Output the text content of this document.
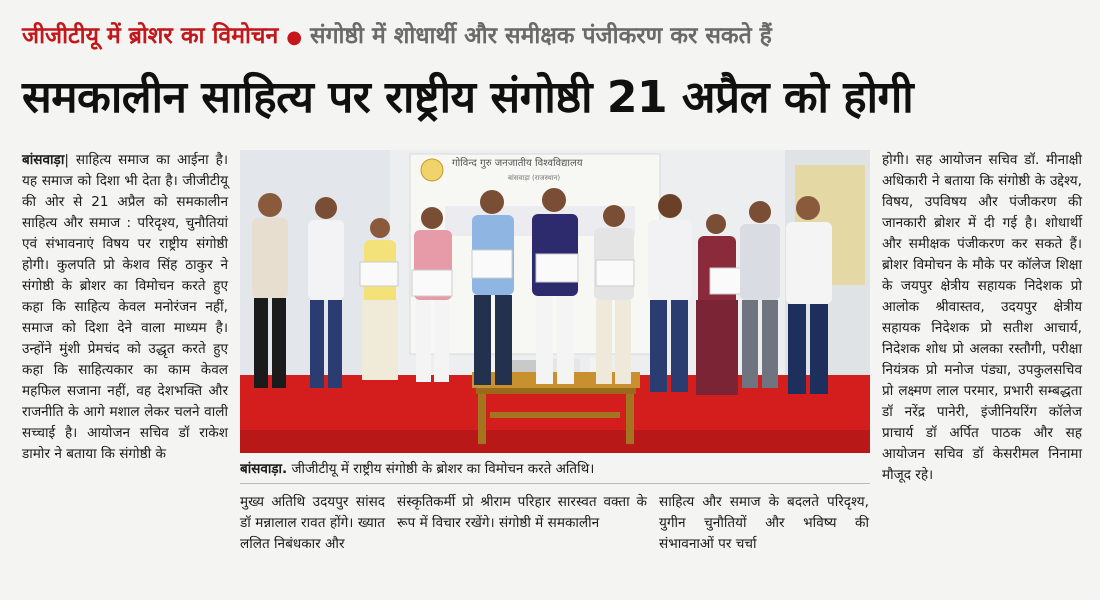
जीजीटीयू में ब्रोशर का विमोचन ● संगोष्ठी में शोधार्थी और समीक्षक पंजीकरण कर सकते हैं
समकालीन साहित्य पर राष्ट्रीय संगोष्ठी 21 अप्रैल को होगी
बांसवाड़ा| साहित्य समाज का आईना है। यह समाज को दिशा भी देता है। जीजीटीयू की ओर से 21 अप्रैल को समकालीन साहित्य और समाज : परिदृश्य, चुनौतियां एवं संभावनाएं विषय पर राष्ट्रीय संगोष्ठी होगी। कुलपति प्रो केशव सिंह ठाकुर ने संगोष्ठी के ब्रोशर का विमोचन करते हुए कहा कि साहित्य केवल मनोरंजन नहीं, समाज को दिशा देने वाला माध्यम है। उन्होंने मुंशी प्रेमचंद को उद्धृत करते हुए कहा कि साहित्यकार का काम केवल महफिल सजाना नहीं, वह देशभक्ति और राजनीति के आगे मशाल लेकर चलने वाली सच्चाई है। आयोजन सचिव डॉ राकेश डामोर ने बताया कि संगोष्ठी के
गोविन्द गुरु जनजातीय विश्वविद्यालय
बांसवाड़ा (राजस्थान)
बांसवाड़ा. जीजीटीयू में राष्ट्रीय संगोष्ठी के ब्रोशर का विमोचन करते अतिथि।
मुख्य अतिथि उदयपुर सांसद डॉ मन्नालाल रावत होंगे। ख्यात ललित निबंधकार और
संस्कृतिकर्मी प्रो श्रीराम परिहार सारस्वत वक्ता के रूप में विचार रखेंगे। संगोष्ठी में समकालीन
साहित्य और समाज के बदलते परिदृश्य, युगीन चुनौतियों और भविष्य की संभावनाओं पर चर्चा
होगी। सह आयोजन सचिव डॉ. मीनाक्षी अधिकारी ने बताया कि संगोष्ठी के उद्देश्य, विषय, उपविषय और पंजीकरण की जानकारी ब्रोशर में दी गई है। शोधार्थी और समीक्षक पंजीकरण कर सकते हैं। ब्रोशर विमोचन के मौके पर कॉलेज शिक्षा के जयपुर क्षेत्रीय सहायक निदेशक प्रो आलोक श्रीवास्तव, उदयपुर क्षेत्रीय सहायक निदेशक प्रो सतीश आचार्य, निदेशक शोध प्रो अलका रस्तौगी, परीक्षा नियंत्रक प्रो मनोज पंड्या, उपकुलसचिव प्रो लक्ष्मण लाल परमार, प्रभारी सम्बद्धता डॉ नरेंद्र पानेरी, इंजीनियरिंग कॉलेज प्राचार्य डॉ अर्पित पाठक और सह आयोजन सचिव डॉ केसरीमल निनामा मौजूद रहे।
